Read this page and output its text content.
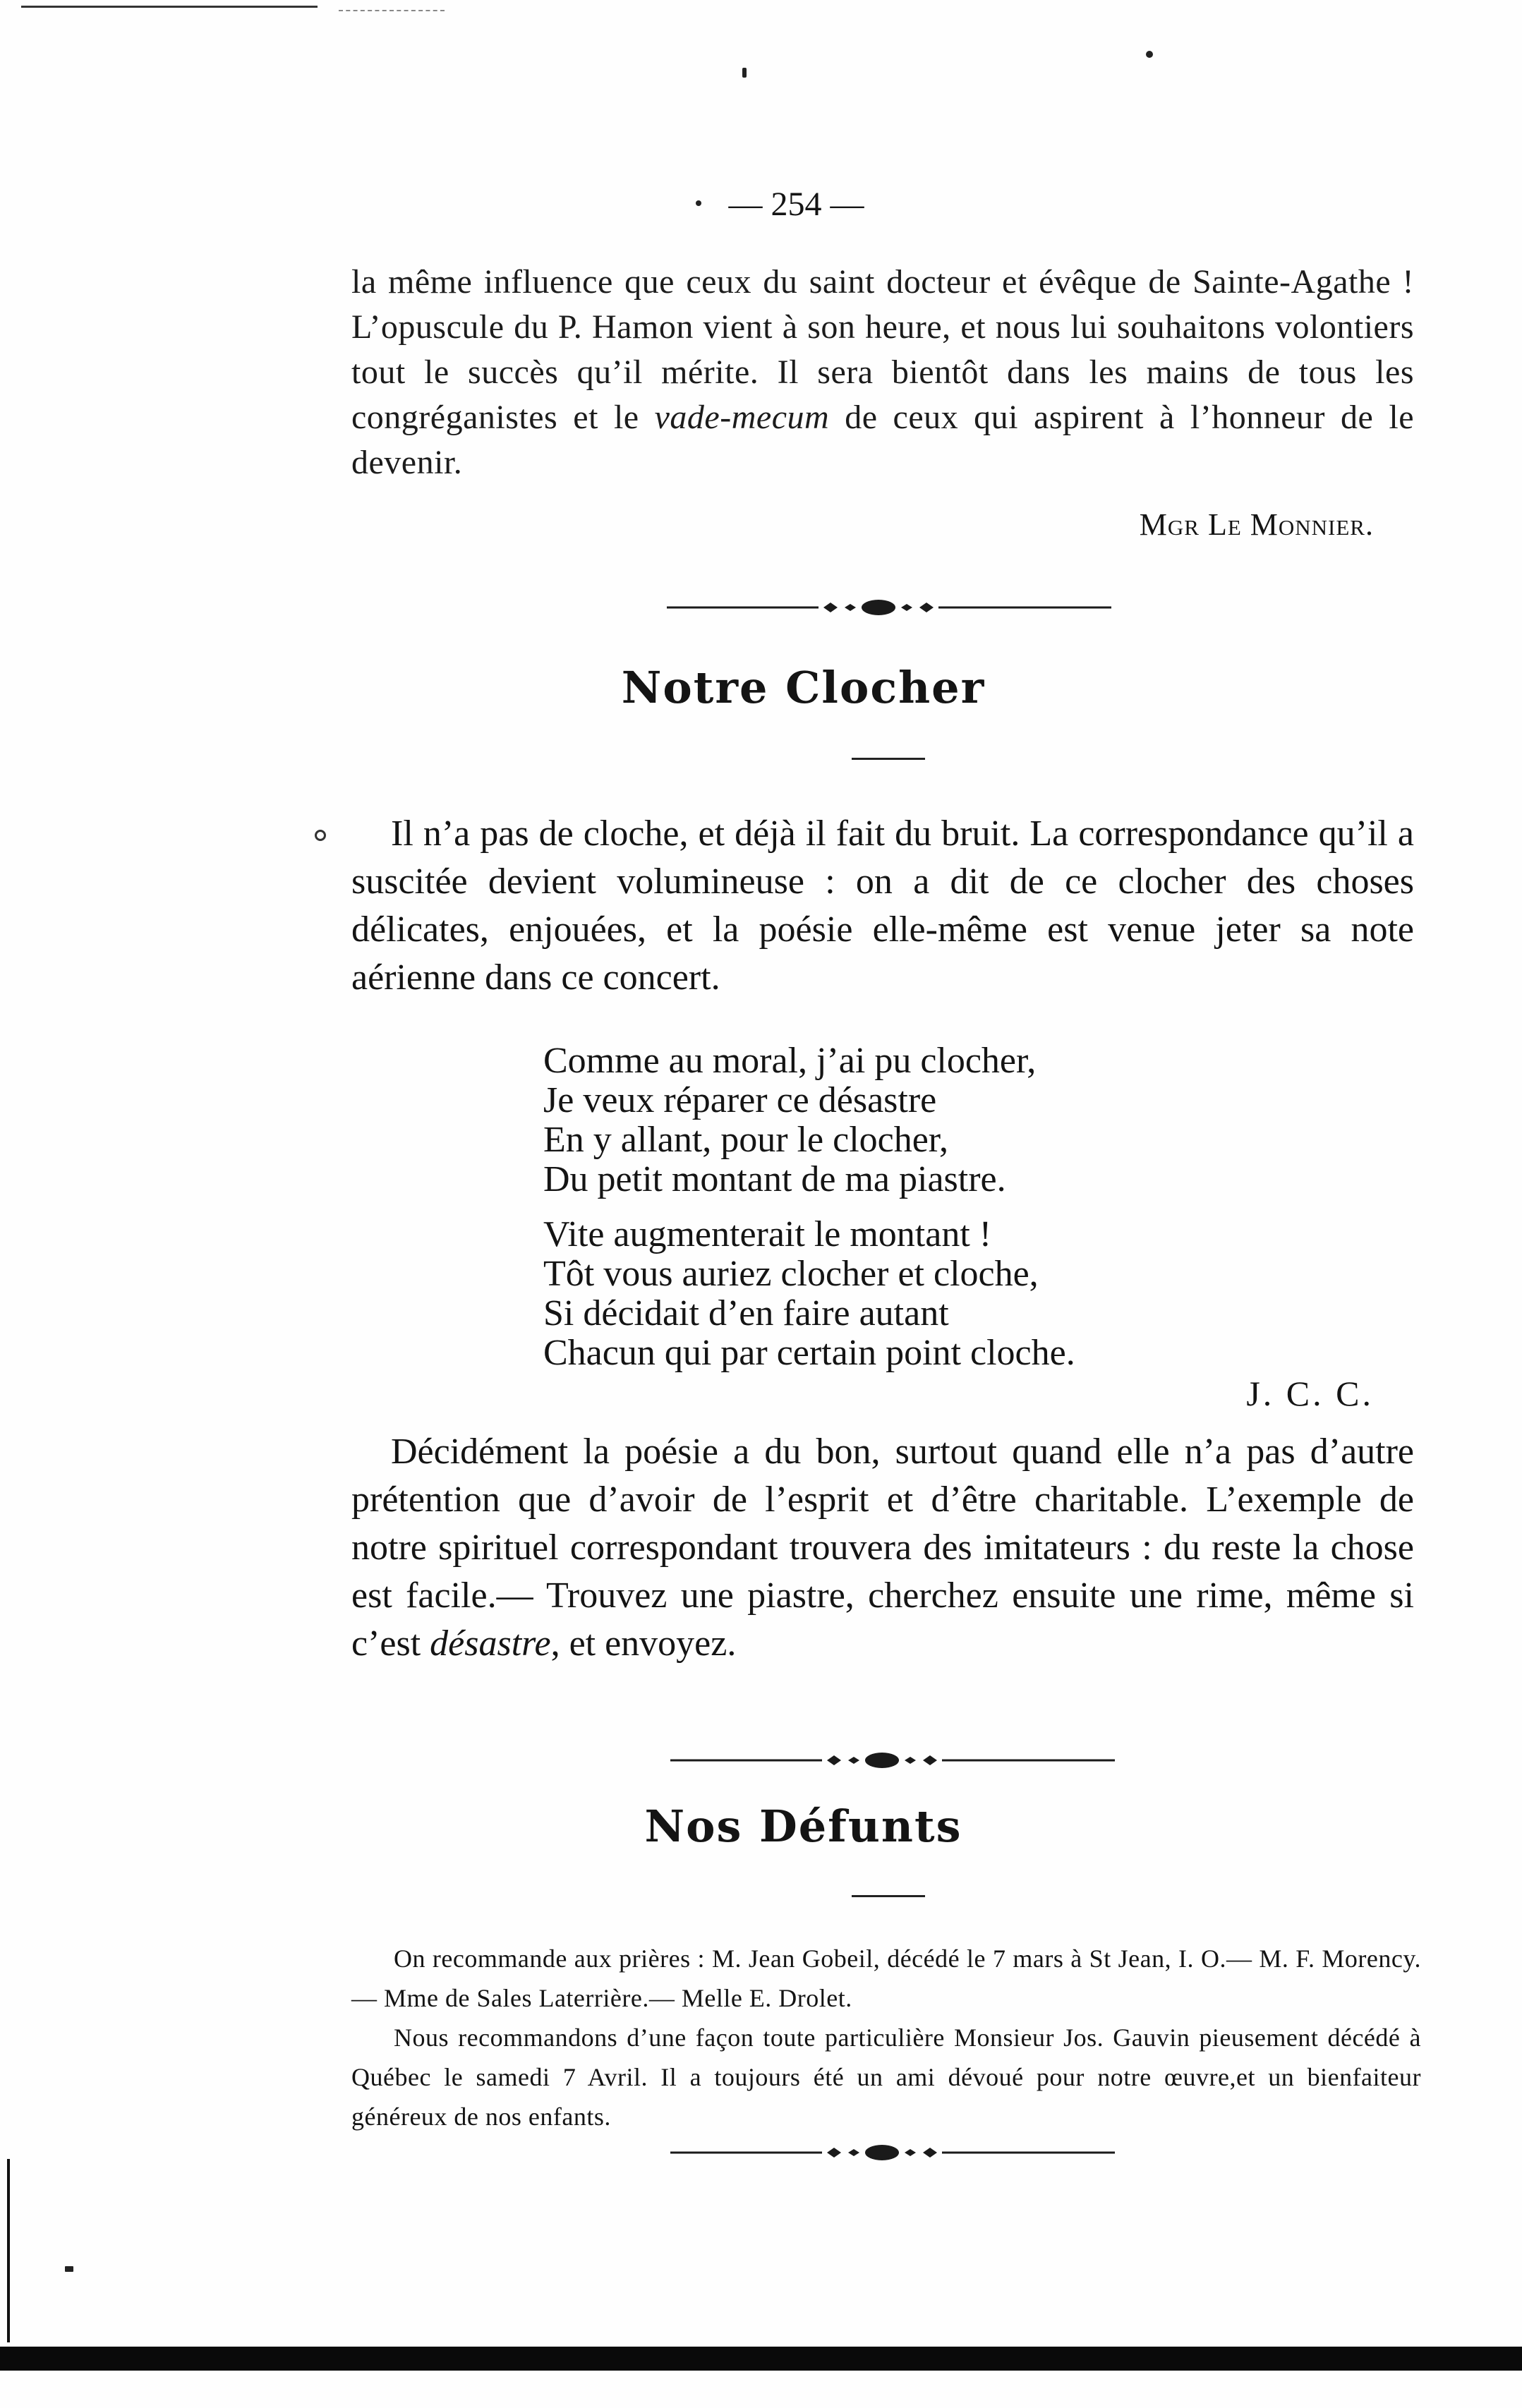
— 254 —

la même influence que ceux du saint docteur et évêque de Sainte-Agathe ! L’opuscule du P. Hamon vient à son heure, et nous lui souhaitons volontiers tout le succès qu’il mérite. Il sera bientôt dans les mains de tous les congréganistes et le vade-mecum de ceux qui aspirent à l’honneur de le devenir.

Mgr Le Monnier.
Notre Clocher

Il n’a pas de cloche, et déjà il fait du bruit. La correspondance qu’il a suscitée devient volumineuse : on a dit de ce clocher des choses délicates, enjouées, et la poésie elle-même est venue jeter sa note aérienne dans ce concert.

Comme au moral, j’ai pu clocher,
Je veux réparer ce désastre
En y allant, pour le clocher,
Du petit montant de ma piastre.
Vite augmenterait le montant !
Tôt vous auriez clocher et cloche,
Si décidait d’en faire autant
Chacun qui par certain point cloche.
J. C. C.

Décidément la poésie a du bon, surtout quand elle n’a pas d’autre prétention que d’avoir de l’esprit et d’être charitable. L’exemple de notre spirituel correspondant trouvera des imitateurs : du reste la chose est facile.— Trouvez une piastre, cherchez ensuite une rime, même si c’est désastre, et envoyez.

Nos Défunts

On recommande aux prières : M. Jean Gobeil, décédé le 7 mars à St Jean, I. O.— M. F. Morency.— Mme de Sales Laterrière.— Melle E. Drolet.

Nous recommandons d’une façon toute particulière Monsieur Jos. Gauvin pieusement décédé à Québec le samedi 7 Avril. Il a toujours été un ami dévoué pour notre œuvre,et un bienfaiteur généreux de nos enfants.
